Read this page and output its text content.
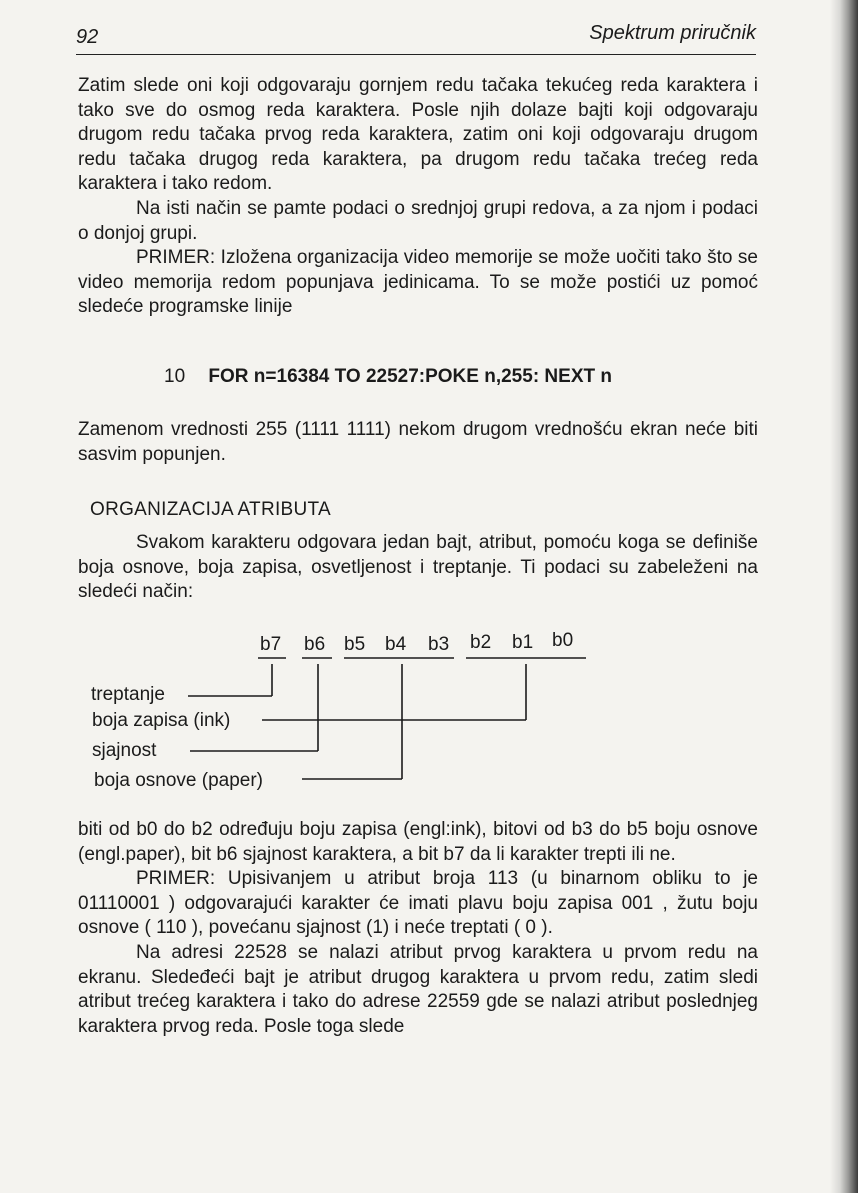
92	Spektrum priručnik

Zatim slede oni koji odgovaraju gornjem redu tačaka tekućeg reda karaktera i tako sve do osmog reda karaktera. Posle njih dolaze bajti koji odgovaraju drugom redu tačaka prvog reda karaktera, zatim oni koji odgovaraju drugom redu tačaka drugog reda karaktera, pa drugom redu tačaka trećeg reda karaktera i tako redom.

Na isti način se pamte podaci o srednjoj grupi redova, a za njom i podaci o donjoj grupi.

PRIMER: Izložena organizacija video memorije se može uočiti tako što se video memorija redom popunjava jedinicama. To se može postići uz pomoć sledeće programske linije

10 FOR n=16384 TO 22527:POKE n,255: NEXT n

Zamenom vrednosti 255 (1111 1111) nekom drugom vrednošću ekran neće biti sasvim popunjen.

ORGANIZACIJA ATRIBUTA

Svakom karakteru odgovara jedan bajt, atribut, pomoću koga se definiše boja osnove, boja zapisa, osvetljenost i treptanje. Ti podaci su zabeleženi na sledeći način:

b7 b6 b5 b4 b3 b2 b1 b0
treptanje
boja zapisa (ink)
sjajnost
boja osnove (paper)

biti od b0 do b2 određuju boju zapisa (engl:ink), bitovi od b3 do b5 boju osnove (engl.paper), bit b6 sjajnost karaktera, a bit b7 da li karakter trepti ili ne.

PRIMER: Upisivanjem u atribut broja 113 (u binarnom obliku to je 01110001 ) odgovarajući karakter će imati plavu boju zapisa 001 , žutu boju osnove ( 110 ), povećanu sjajnost (1) i neće treptati ( 0 ).

Na adresi 22528 se nalazi atribut prvog karaktera u prvom redu na ekranu. Sledeđeći bajt je atribut drugog karaktera u prvom redu, zatim sledi atribut trećeg karaktera i tako do adrese 22559 gde se nalazi atribut poslednjeg karaktera prvog reda. Posle toga slede
